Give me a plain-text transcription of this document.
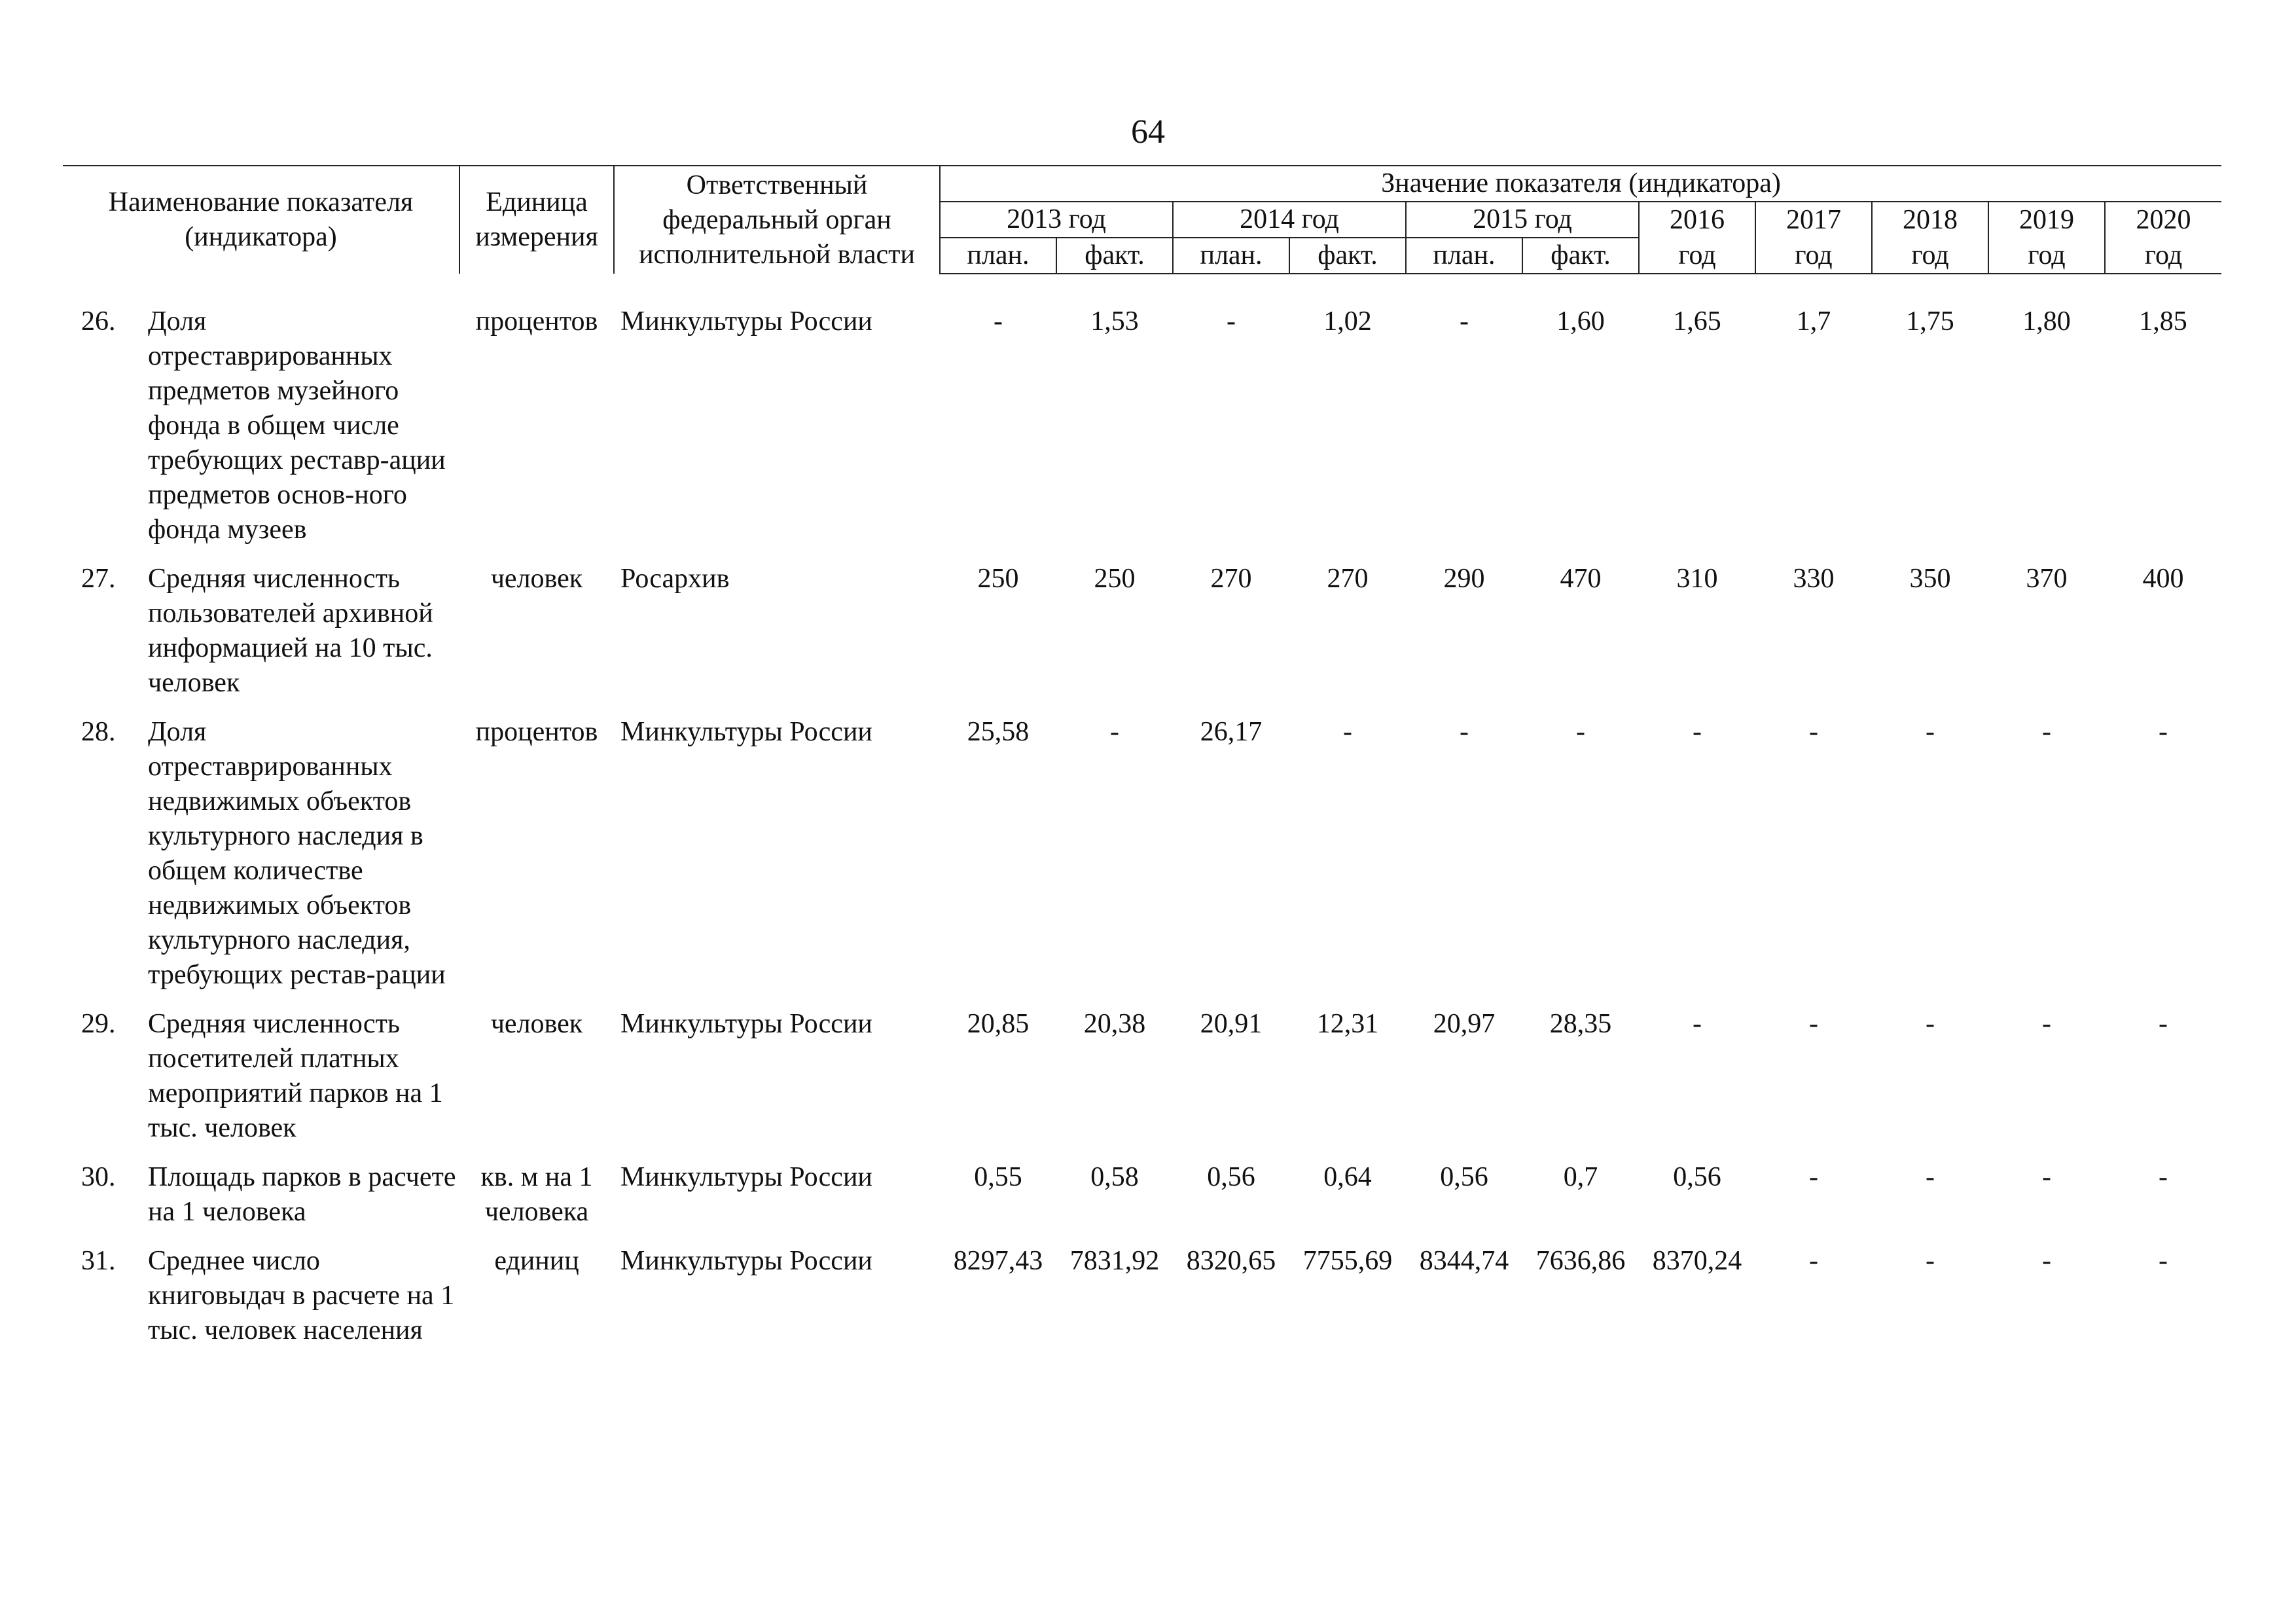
64
Наименование показателя (индикатора)	Единица измерения	Ответственный федеральный орган исполнительной власти	Значение показателя (индикатора)										
			2013 год		2014 год		2015 год		2016	2017	2018	2019	2020
			план.	факт.	план.	факт.	план.	факт.	год	год	год	год	год

26. Доля отреставрированных предметов музейного фонда в общем числе требующих реставр-ации предметов основ-ного фонда музеев	процентов	Минкультуры России	-	1,53	-	1,02	-	1,60	1,65	1,7	1,75	1,80	1,85

27. Средняя численность пользователей архивной информацией на 10 тыс. человек	человек	Росархив	250	250	270	270	290	470	310	330	350	370	400

28. Доля отреставрированных недвижимых объектов культурного наследия в общем количестве недвижимых объектов культурного наследия, требующих рестав-рации	процентов	Минкультуры России	25,58	-	26,17	-	-	-	-	-	-	-	-

29. Средняя численность посетителей платных мероприятий парков на 1 тыс. человек	человек	Минкультуры России	20,85	20,38	20,91	12,31	20,97	28,35	-	-	-	-	-

30. Площадь парков в расчете на 1 человека	кв. м на 1 человека	Минкультуры России	0,55	0,58	0,56	0,64	0,56	0,7	0,56	-	-	-	-

31. Среднее число книговыдач в расчете на 1 тыс. человек населения	единиц	Минкультуры России	8297,43	7831,92	8320,65	7755,69	8344,74	7636,86	8370,24	-	-	-	-
